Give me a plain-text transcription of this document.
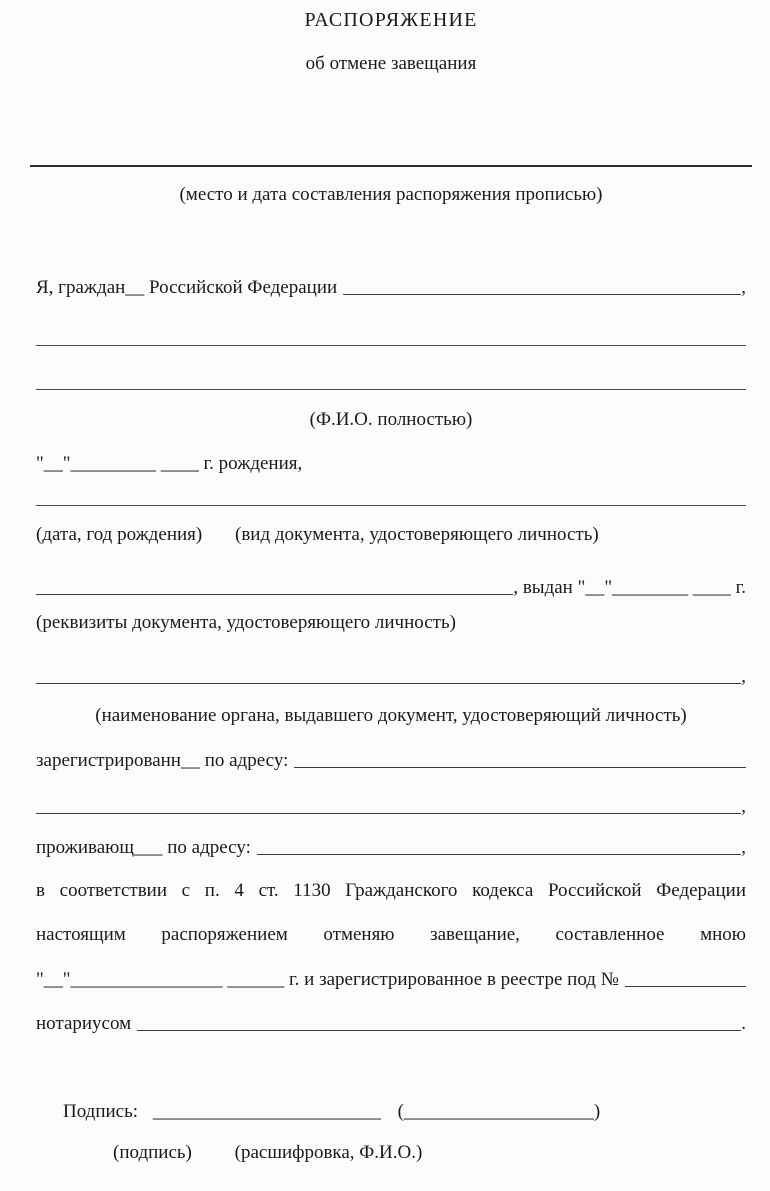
РАСПОРЯЖЕНИЕ
об отмене завещания
(место и дата составления распоряжения прописью)
Я, граждан__ Российской Федерации	,
(Ф.И.О. полностью)
"__"_________ ____ г. рождения,
(дата, год рождения) (вид документа, удостоверяющего личность)
, выдан "__"________ ____ г.
(реквизиты документа, удостоверяющего личность)
,
(наименование органа, выдавшего документ, удостоверяющий личность)
зарегистрированн__ по адресу:
,
проживающ___ по адресу:	,
в соответствии с п. 4 ст. 1130 Гражданского кодекса Российской Федерации
настоящим распоряжением отменяю завещание, составленное мною
"__"________________ ______ г. и зарегистрированное в реестре под №
нотариусом	.
Подпись: ________________________ (____________________)
(подпись) (расшифровка, Ф.И.О.)
